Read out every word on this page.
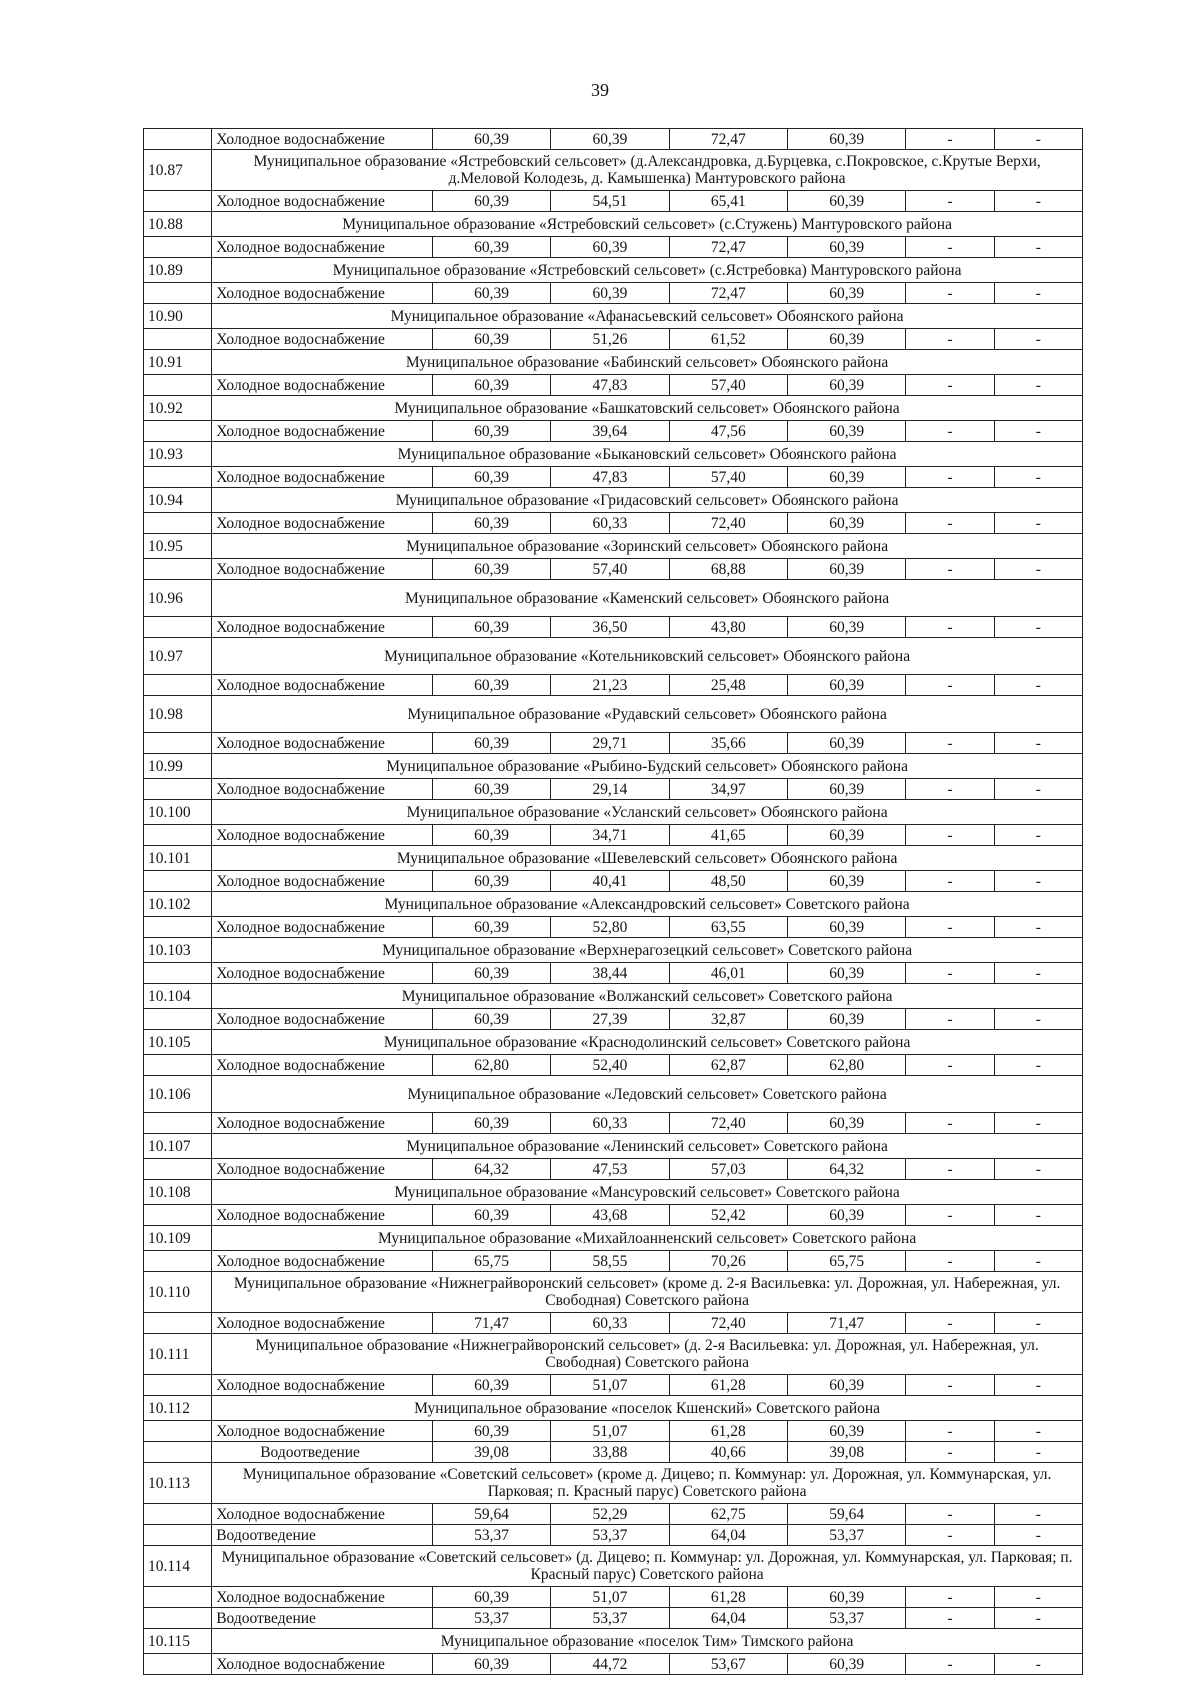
39
	Холодное водоснабжение	60,39	60,39	72,47	60,39	-	-
10.87	Муниципальное образование «Ястребовский сельсовет» (д.Александровка, д.Бурцевка, с.Покровское, с.Крутые Верхи, д.Меловой Колодезь, д. Камышенка) Мантуровского района						
	Холодное водоснабжение	60,39	54,51	65,41	60,39	-	-
10.88	Муниципальное образование «Ястребовский сельсовет» (с.Стужень) Мантуровского района						
	Холодное водоснабжение	60,39	60,39	72,47	60,39	-	-
10.89	Муниципальное образование «Ястребовский сельсовет» (с.Ястребовка) Мантуровского района						
	Холодное водоснабжение	60,39	60,39	72,47	60,39	-	-
10.90	Муниципальное образование «Афанасьевский сельсовет» Обоянского района						
	Холодное водоснабжение	60,39	51,26	61,52	60,39	-	-
10.91	Муниципальное образование «Бабинский сельсовет» Обоянского района						
	Холодное водоснабжение	60,39	47,83	57,40	60,39	-	-
10.92	Муниципальное образование «Башкатовский сельсовет» Обоянского района						
	Холодное водоснабжение	60,39	39,64	47,56	60,39	-	-
10.93	Муниципальное образование «Быкановский сельсовет» Обоянского района						
	Холодное водоснабжение	60,39	47,83	57,40	60,39	-	-
10.94	Муниципальное образование «Гридасовский сельсовет» Обоянского района						
	Холодное водоснабжение	60,39	60,33	72,40	60,39	-	-
10.95	Муниципальное образование «Зоринский сельсовет» Обоянского района						
	Холодное водоснабжение	60,39	57,40	68,88	60,39	-	-
10.96	Муниципальное образование «Каменский сельсовет» Обоянского района						
	Холодное водоснабжение	60,39	36,50	43,80	60,39	-	-
10.97	Муниципальное образование «Котельниковский сельсовет» Обоянского района						
	Холодное водоснабжение	60,39	21,23	25,48	60,39	-	-
10.98	Муниципальное образование «Рудавский сельсовет» Обоянского района						
	Холодное водоснабжение	60,39	29,71	35,66	60,39	-	-
10.99	Муниципальное образование «Рыбино-Будский сельсовет» Обоянского района						
	Холодное водоснабжение	60,39	29,14	34,97	60,39	-	-
10.100	Муниципальное образование «Усланский сельсовет» Обоянского района						
	Холодное водоснабжение	60,39	34,71	41,65	60,39	-	-
10.101	Муниципальное образование «Шевелевский сельсовет» Обоянского района						
	Холодное водоснабжение	60,39	40,41	48,50	60,39	-	-
10.102	Муниципальное образование «Александровский сельсовет» Советского района						
	Холодное водоснабжение	60,39	52,80	63,55	60,39	-	-
10.103	Муниципальное образование «Верхнерагозецкий сельсовет» Советского района						
	Холодное водоснабжение	60,39	38,44	46,01	60,39	-	-
10.104	Муниципальное образование «Волжанский сельсовет» Советского района						
	Холодное водоснабжение	60,39	27,39	32,87	60,39	-	-
10.105	Муниципальное образование «Краснодолинский сельсовет» Советского района						
	Холодное водоснабжение	62,80	52,40	62,87	62,80	-	-
10.106	Муниципальное образование «Ледовский сельсовет» Советского района						
	Холодное водоснабжение	60,39	60,33	72,40	60,39	-	-
10.107	Муниципальное образование «Ленинский сельсовет» Советского района						
	Холодное водоснабжение	64,32	47,53	57,03	64,32	-	-
10.108	Муниципальное образование «Мансуровский сельсовет» Советского района						
	Холодное водоснабжение	60,39	43,68	52,42	60,39	-	-
10.109	Муниципальное образование «Михайлоанненский сельсовет» Советского района						
	Холодное водоснабжение	65,75	58,55	70,26	65,75	-	-
10.110	Муниципальное образование «Нижнеграйворонский сельсовет» (кроме д. 2-я Васильевка: ул. Дорожная, ул. Набережная, ул. Свободная) Советского района						
	Холодное водоснабжение	71,47	60,33	72,40	71,47	-	-
10.111	Муниципальное образование «Нижнеграйворонский сельсовет» (д. 2-я Васильевка: ул. Дорожная, ул. Набережная, ул. Свободная) Советского района						
	Холодное водоснабжение	60,39	51,07	61,28	60,39	-	-
10.112	Муниципальное образование «поселок Кшенский» Советского района						
	Холодное водоснабжение	60,39	51,07	61,28	60,39	-	-
	Водоотведение	39,08	33,88	40,66	39,08	-	-
10.113	Муниципальное образование «Советский сельсовет» (кроме д. Дицево; п. Коммунар: ул. Дорожная, ул. Коммунарская, ул. Парковая; п. Красный парус) Советского района						
	Холодное водоснабжение	59,64	52,29	62,75	59,64	-	-
	Водоотведение	53,37	53,37	64,04	53,37	-	-
10.114	Муниципальное образование «Советский сельсовет» (д. Дицево; п. Коммунар: ул. Дорожная, ул. Коммунарская, ул. Парковая; п. Красный парус) Советского района						
	Холодное водоснабжение	60,39	51,07	61,28	60,39	-	-
	Водоотведение	53,37	53,37	64,04	53,37	-	-
10.115	Муниципальное образование «поселок Тим» Тимского района						
	Холодное водоснабжение	60,39	44,72	53,67	60,39	-	-
